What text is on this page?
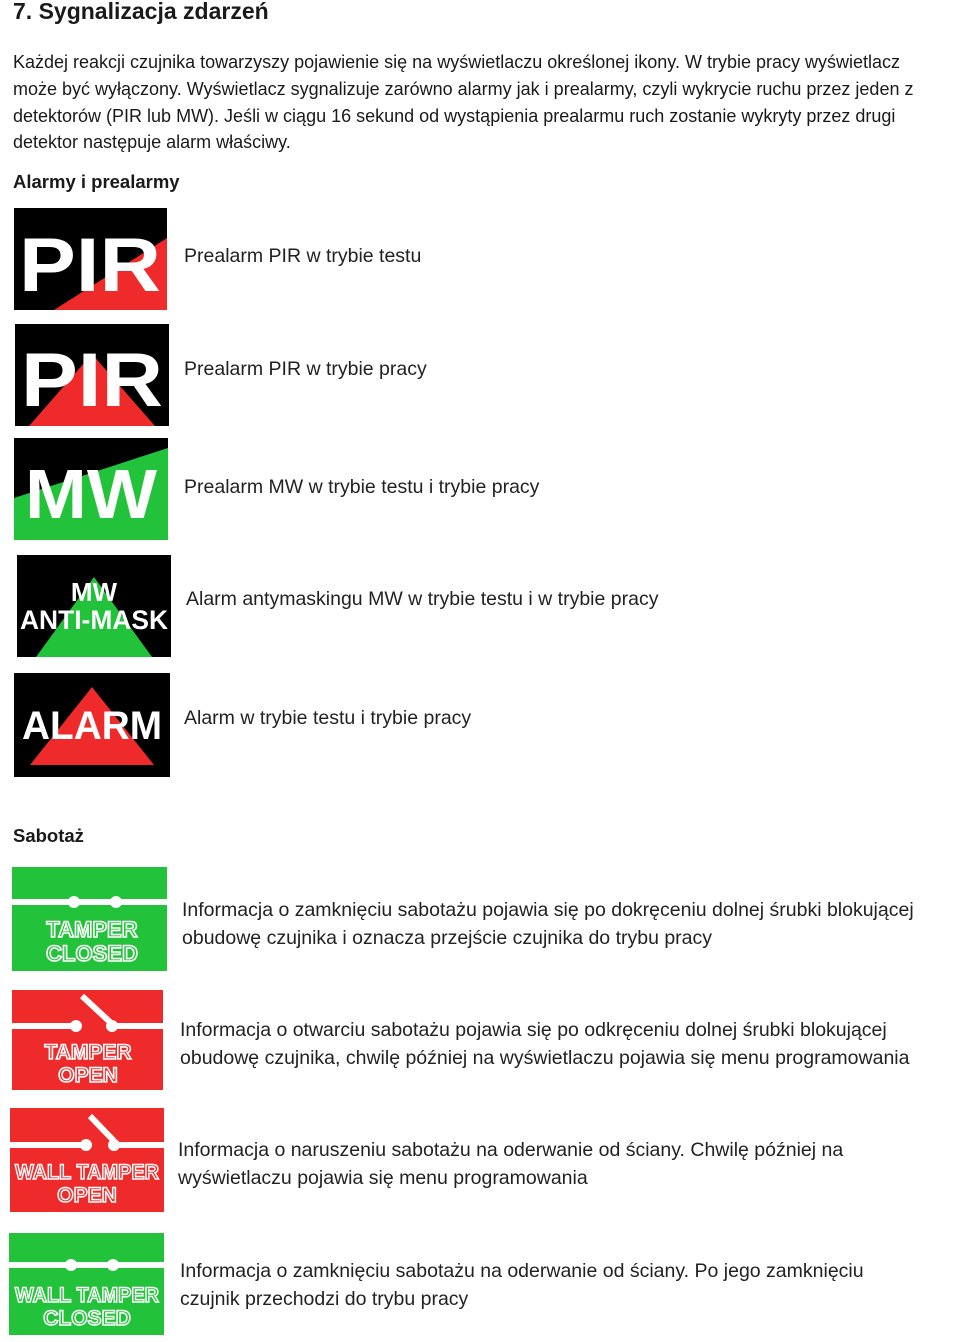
7. Sygnalizacja zdarzeń
Każdej reakcji czujnika towarzyszy pojawienie się na wyświetlaczu określonej ikony. W trybie pracy wyświetlacz może być wyłączony. Wyświetlacz sygnalizuje zarówno alarmy jak i prealarmy, czyli wykrycie ruchu przez jeden z detektorów (PIR lub MW). Jeśli w ciągu 16 sekund od wystąpienia prealarmu ruch zostanie wykryty przez drugi detektor następuje alarm właściwy.
Alarmy i prealarmy
PIR Prealarm PIR w trybie testu
PIR Prealarm PIR w trybie pracy
MW Prealarm MW w trybie testu i trybie pracy
MW
ANTI-MASK
Alarm antymaskingu MW w trybie testu i w trybie pracy
ALARM Alarm w trybie testu i trybie pracy
Sabotaż
TAMPER
CLOSED
Informacja o zamknięciu sabotażu pojawia się po dokręceniu dolnej śrubki blokującej
obudowę czujnika i oznacza przejście czujnika do trybu pracy
TAMPER
OPEN
Informacja o otwarciu sabotażu pojawia się po odkręceniu dolnej śrubki blokującej
obudowę czujnika, chwilę później na wyświetlaczu pojawia się menu programowania
WALL TAMPER
OPEN
Informacja o naruszeniu sabotażu na oderwanie od ściany. Chwilę później na
wyświetlaczu pojawia się menu programowania
WALL TAMPER
CLOSED
Informacja o zamknięciu sabotażu na oderwanie od ściany. Po jego zamknięciu
czujnik przechodzi do trybu pracy
